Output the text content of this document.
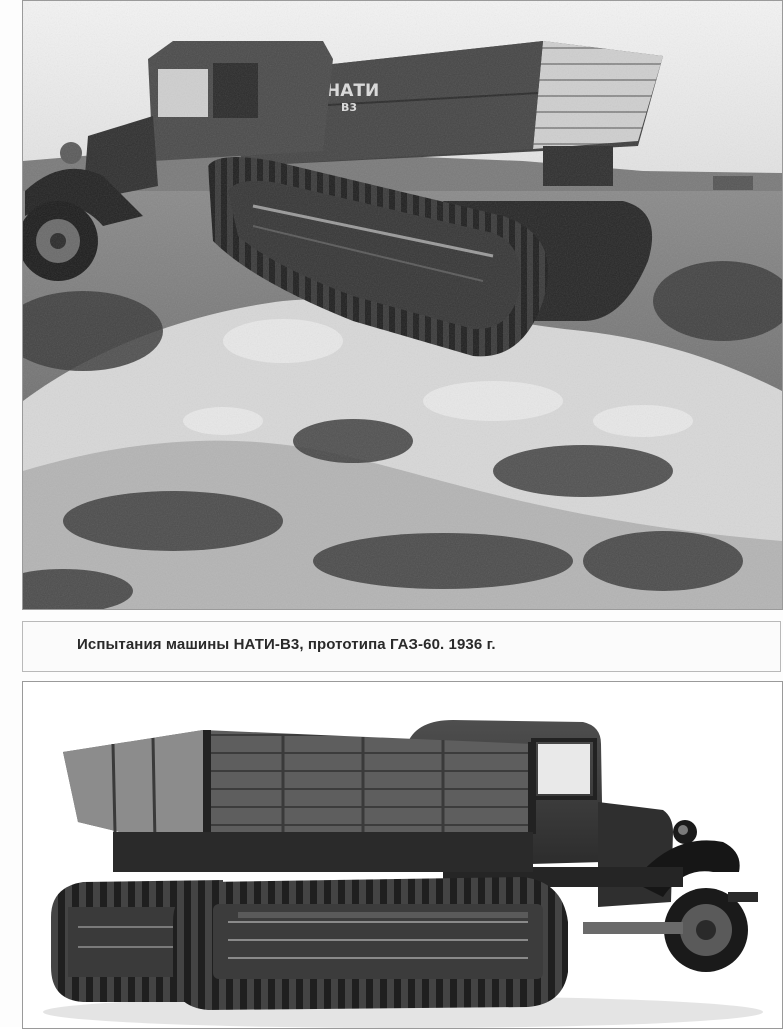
Испытания машины НАТИ-В3, прототипа ГАЗ-60. 1936 г.
